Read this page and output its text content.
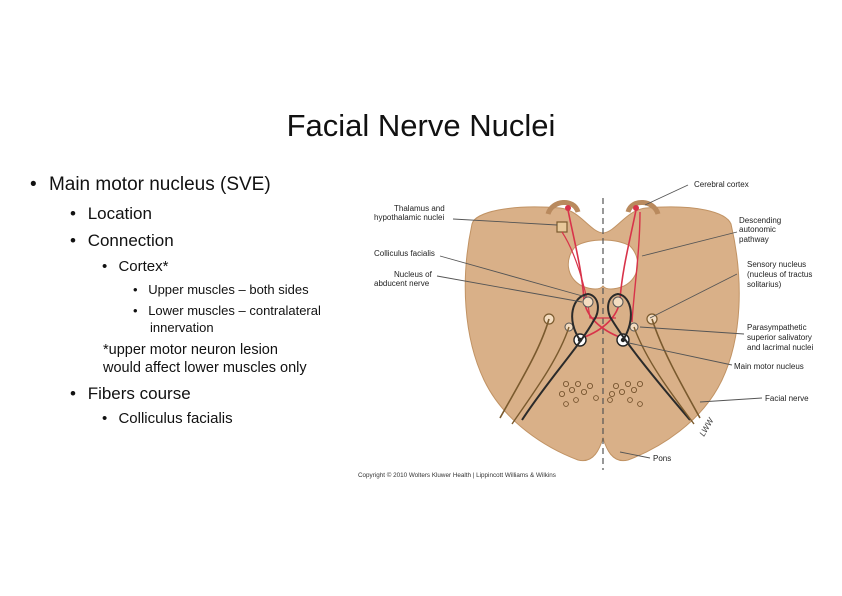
Facial Nerve Nuclei
• Main motor nucleus (SVE)
• Location
• Connection
• Cortex*
• Upper muscles – both sides
• Lower muscles – contralateral
innervation
*upper motor neuron lesion
would affect lower muscles only
• Fibers course
• Colliculus facialis
Thalamus and
hypothalamic nuclei
Colliculus facialis
Nucleus of
abducent nerve
Cerebral cortex
Descending
autonomic
pathway
Sensory nucleus
(nucleus of tractus
solitarius)
Parasympathetic
superior salivatory
and lacrimal nuclei
Main motor nucleus
Facial nerve
Pons
LWW
Copyright © 2010 Wolters Kluwer Health | Lippincott Williams & Wilkins
